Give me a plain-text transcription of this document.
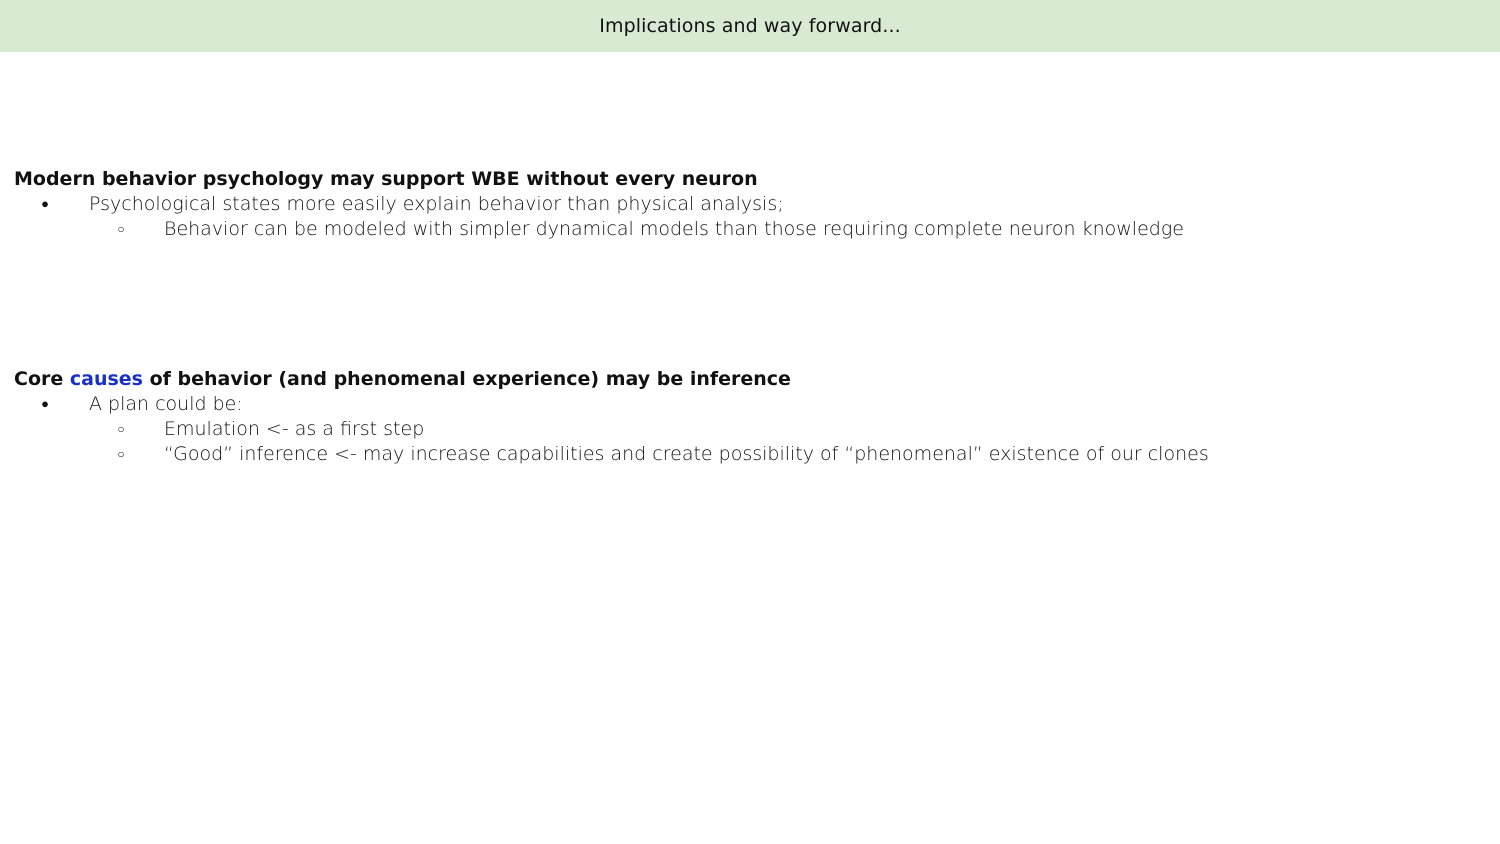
Implications and way forward...
Modern behavior psychology may support WBE without every neuron
● Psychological states more easily explain behavior than physical analysis;
○ Behavior can be modeled with simpler dynamical models than those requiring complete neuron knowledge
Core causes of behavior (and phenomenal experience) may be inference
● A plan could be:
○ Emulation <- as a first step
○ “Good” inference <- may increase capabilities and create possibility of “phenomenal” existence of our clones
